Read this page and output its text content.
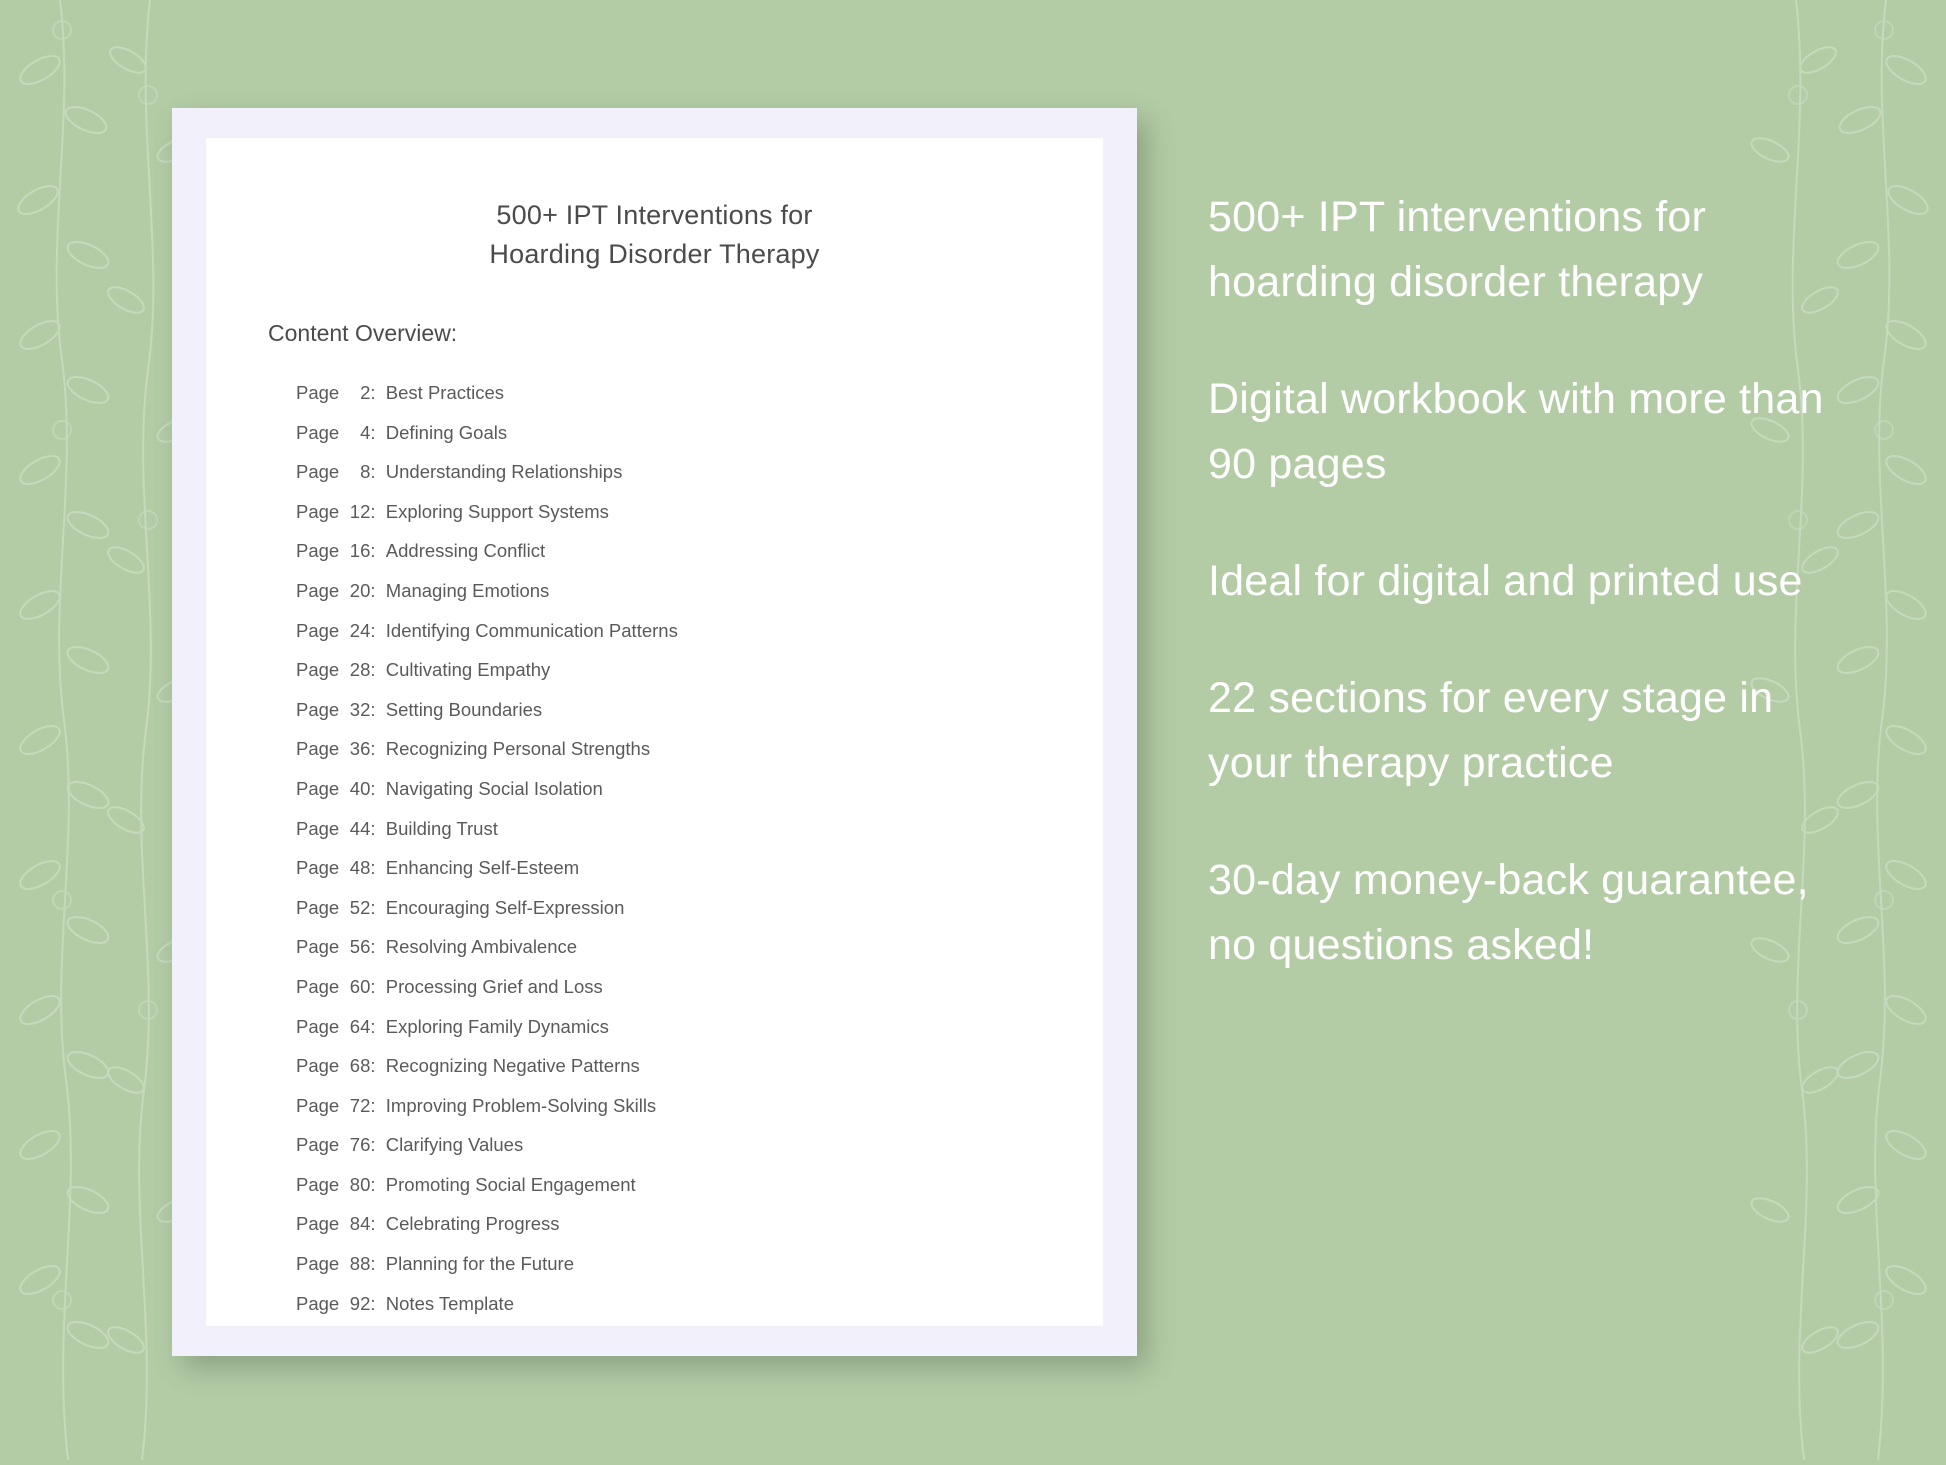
500+ IPT Interventions for
Hoarding Disorder Therapy

Content Overview:

Page 2:  Best Practices
Page 4:  Defining Goals
Page 8:  Understanding Relationships
Page 12:  Exploring Support Systems
Page 16:  Addressing Conflict
Page 20:  Managing Emotions
Page 24:  Identifying Communication Patterns
Page 28:  Cultivating Empathy
Page 32:  Setting Boundaries
Page 36:  Recognizing Personal Strengths
Page 40:  Navigating Social Isolation
Page 44:  Building Trust
Page 48:  Enhancing Self-Esteem
Page 52:  Encouraging Self-Expression
Page 56:  Resolving Ambivalence
Page 60:  Processing Grief and Loss
Page 64:  Exploring Family Dynamics
Page 68:  Recognizing Negative Patterns
Page 72:  Improving Problem-Solving Skills
Page 76:  Clarifying Values
Page 80:  Promoting Social Engagement
Page 84:  Celebrating Progress
Page 88:  Planning for the Future
Page 92:  Notes Template

500+ IPT interventions for hoarding disorder therapy

Digital workbook with more than 90 pages

Ideal for digital and printed use

22 sections for every stage in your therapy practice

30-day money-back guarantee, no questions asked!
